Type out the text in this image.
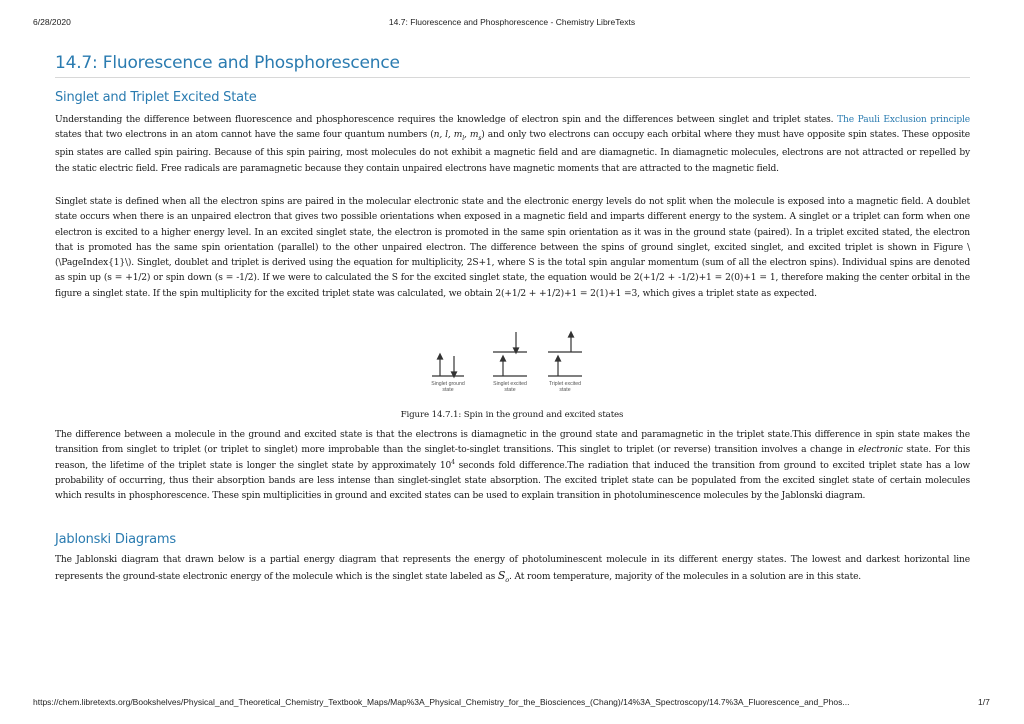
6/28/2020	14.7: Fluorescence and Phosphorescence - Chemistry LibreTexts
14.7: Fluorescence and Phosphorescence
Singlet and Triplet Excited State

Understanding the difference between fluorescence and phosphorescence requires the knowledge of electron spin and the differences between singlet and triplet states. The Pauli Exclusion principle states that two electrons in an atom cannot have the same four quantum numbers (n, l, $m_l$, $m_s$) and only two electrons can occupy each orbital where they must have opposite spin states. These opposite spin states are called spin pairing. Because of this spin pairing, most molecules do not exhibit a magnetic field and are diamagnetic. In diamagnetic molecules, electrons are not attracted or repelled by the static electric field. Free radicals are paramagnetic because they contain unpaired electrons have magnetic moments that are attracted to the magnetic field.

Singlet state is defined when all the electron spins are paired in the molecular electronic state and the electronic energy levels do not split when the molecule is exposed into a magnetic field. A doublet state occurs when there is an unpaired electron that gives two possible orientations when exposed in a magnetic field and imparts different energy to the system. A singlet or a triplet can form when one electron is excited to a higher energy level. In an excited singlet state, the electron is promoted in the same spin orientation as it was in the ground state (paired). In a triplet excited stated, the electron that is promoted has the same spin orientation (parallel) to the other unpaired electron. The difference between the spins of ground singlet, excited singlet, and excited triplet is shown in Figure \(\PageIndex{1}\). Singlet, doublet and triplet is derived using the equation for multiplicity, 2S+1, where S is the total spin angular momentum (sum of all the electron spins). Individual spins are denoted as spin up (s = +1/2) or spin down (s = -1/2). If we were to calculated the S for the excited singlet state, the equation would be 2(+1/2 + -1/2)+1 = 2(0)+1 = 1, therefore making the center orbital in the figure a singlet state. If the spin multiplicity for the excited triplet state was calculated, we obtain 2(+1/2 + +1/2)+1 = 2(1)+1 =3, which gives a triplet state as expected.

Singlet ground state
Singlet excited state
Triplet excited state
Figure 14.7.1: Spin in the ground and excited states

The difference between a molecule in the ground and excited state is that the electrons is diamagnetic in the ground state and paramagnetic in the triplet state.This difference in spin state makes the transition from singlet to triplet (or triplet to singlet) more improbable than the singlet-to-singlet transitions. This singlet to triplet (or reverse) transition involves a change in electronic state. For this reason, the lifetime of the triplet state is longer the singlet state by approximately $10^4$ seconds fold difference.The radiation that induced the transition from ground to excited triplet state has a low probability of occurring, thus their absorption bands are less intense than singlet-singlet state absorption. The excited triplet state can be populated from the excited singlet state of certain molecules which results in phosphorescence. These spin multiplicities in ground and excited states can be used to explain transition in photoluminescence molecules by the Jablonski diagram.

Jablonski Diagrams

The Jablonski diagram that drawn below is a partial energy diagram that represents the energy of photoluminescent molecule in its different energy states. The lowest and darkest horizontal line represents the ground-state electronic energy of the molecule which is the singlet state labeled as $S_o$. At room temperature, majority of the molecules in a solution are in this state.

https://chem.libretexts.org/Bookshelves/Physical_and_Theoretical_Chemistry_Textbook_Maps/Map%3A_Physical_Chemistry_for_the_Biosciences_(Chang)/14%3A_Spectroscopy/14.7%3A_Fluorescence_and_Phos...	1/7
